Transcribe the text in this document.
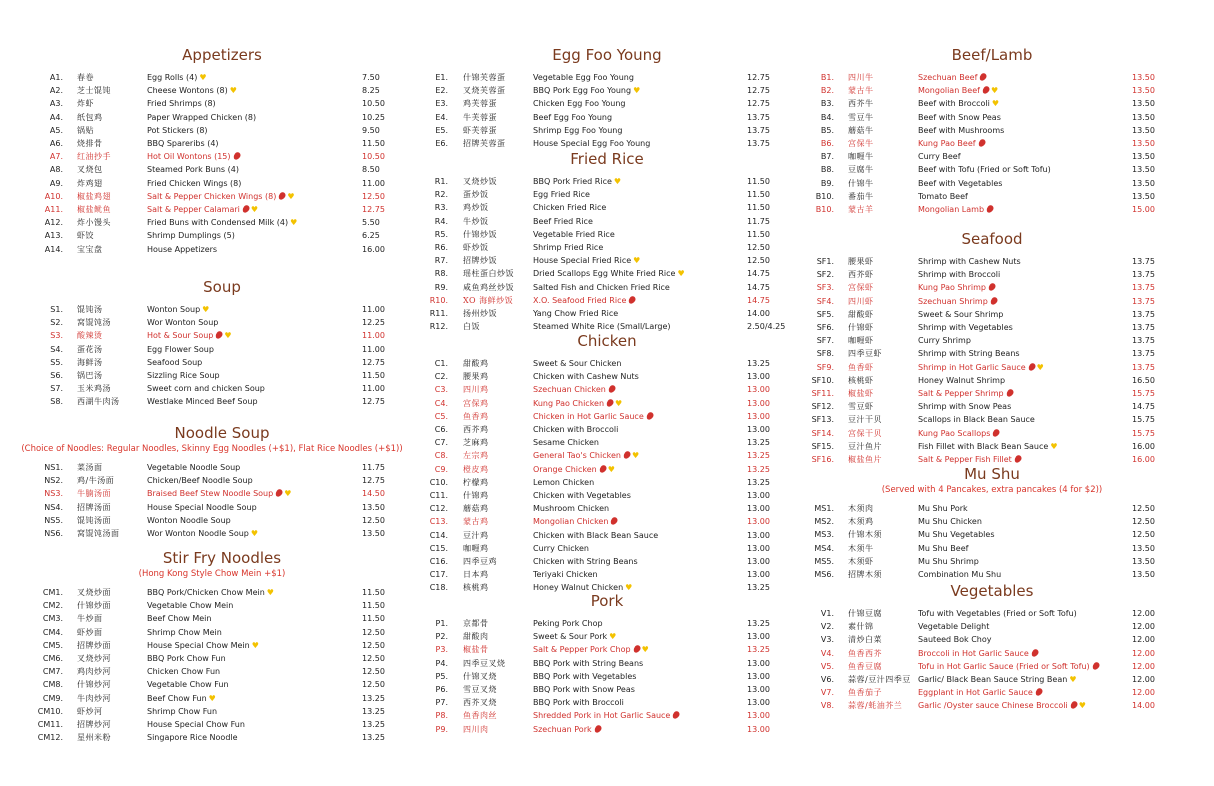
Appetizers
A1. 春卷	Egg Rolls (4) ♥	7.50
A2. 芝士馄饨	Cheese Wontons (8) ♥	8.25
A3. 炸虾	Fried Shrimps (8)	10.50
A4. 纸包鸡	Paper Wrapped Chicken (8)	10.25
A5. 锅贴	Pot Stickers (8)	9.50
A6. 烧排骨	BBQ Spareribs (4)	11.50
A7. 红油抄手	Hot Oil Wontons (15)	10.50
A8. 叉烧包	Steamed Pork Buns (4)	8.50
A9. 炸鸡翅	Fried Chicken Wings (8)	11.00
A10. 椒盐鸡翅	Salt & Pepper Chicken Wings (8) ♥	12.50
A11. 椒盐鱿鱼	Salt & Pepper Calamari ♥	12.75
A12. 炸小馒头	Fried Buns with Condensed Milk (4) ♥	5.50
A13. 虾饺	Shrimp Dumplings (5)	6.25
A14. 宝宝盘	House Appetizers	16.00
Soup
S1. 馄饨汤	Wonton Soup ♥	11.00
S2. 窝馄饨汤	Wor Wonton Soup	12.25
S3. 酸辣烫	Hot & Sour Soup ♥	11.00
S4. 蛋花汤	Egg Flower Soup	11.00
S5. 海鲜汤	Seafood Soup	12.75
S6. 锅巴汤	Sizzling Rice Soup	11.50
S7. 玉米鸡汤	Sweet corn and chicken Soup	11.00
S8. 西湖牛肉汤	Westlake Minced Beef Soup	12.75
Noodle Soup
(Choice of Noodles: Regular Noodles, Skinny Egg Noodles (+$1), Flat Rice Noodles (+$1))
NS1. 菜汤面	Vegetable Noodle Soup	11.75
NS2. 鸡/牛汤面	Chicken/Beef Noodle Soup	12.75
NS3. 牛腩汤面	Braised Beef Stew Noodle Soup ♥	14.50
NS4. 招牌汤面	House Special Noodle Soup	13.50
NS5. 馄饨汤面	Wonton Noodle Soup	12.50
NS6. 窝馄饨汤面	Wor Wonton Noodle Soup ♥	13.50
Stir Fry Noodles
(Hong Kong Style Chow Mein +$1)
CM1. 叉烧炒面	BBQ Pork/Chicken Chow Mein ♥	11.50
CM2. 什锦炒面	Vegetable Chow Mein	11.50
CM3. 牛炒面	Beef Chow Mein	11.50
CM4. 虾炒面	Shrimp Chow Mein	12.50
CM5. 招牌炒面	House Special Chow Mein ♥	12.50
CM6. 叉烧炒河	BBQ Pork Chow Fun	12.50
CM7. 鸡肉炒河	Chicken Chow Fun	12.50
CM8. 什锦炒河	Vegetable Chow Fun	12.50
CM9. 牛肉炒河	Beef Chow Fun ♥	13.25
CM10. 虾炒河	Shrimp Chow Fun	13.25
CM11. 招牌炒河	House Special Chow Fun	13.25
CM12. 星州米粉	Singapore Rice Noodle	13.25
Egg Foo Young
E1. 什锦芙蓉蛋	Vegetable Egg Foo Young	12.75
E2. 叉烧芙蓉蛋	BBQ Pork Egg Foo Young ♥	12.75
E3. 鸡芙蓉蛋	Chicken Egg Foo Young	12.75
E4. 牛芙蓉蛋	Beef Egg Foo Young	13.75
E5. 虾芙蓉蛋	Shrimp Egg Foo Young	13.75
E6. 招牌芙蓉蛋	House Special Egg Foo Young	13.75
Fried Rice
R1. 叉烧炒饭	BBQ Pork Fried Rice ♥	11.50
R2. 蛋炒饭	Egg Fried Rice	11.50
R3. 鸡炒饭	Chicken Fried Rice	11.50
R4. 牛炒饭	Beef Fried Rice	11.75
R5. 什锦炒饭	Vegetable Fried Rice	11.50
R6. 虾炒饭	Shrimp Fried Rice	12.50
R7. 招牌炒饭	House Special Fried Rice ♥	12.50
R8. 瑶柱蛋白炒饭 Dried Scallops Egg White Fried Rice ♥	14.75
R9. 咸鱼鸡丝炒饭 Salted Fish and Chicken Fried Rice	14.75
R10. XO 海鲜炒饭 X.O. Seafood Fried Rice	14.75
R11. 扬州炒饭	Yang Chow Fried Rice	14.00
R12. 白饭	Steamed White Rice (Small/Large)	2.50/4.25
Chicken
C1. 甜酸鸡	Sweet & Sour Chicken	13.25
C2. 腰果鸡	Chicken with Cashew Nuts	13.00
C3. 四川鸡	Szechuan Chicken	13.00
C4. 宫保鸡	Kung Pao Chicken ♥	13.00
C5. 鱼香鸡	Chicken in Hot Garlic Sauce	13.00
C6. 西芥鸡	Chicken with Broccoli	13.00
C7. 芝麻鸡	Sesame Chicken	13.25
C8. 左宗鸡	General Tao's Chicken ♥	13.25
C9. 橙皮鸡	Orange Chicken ♥	13.25
C10. 柠檬鸡	Lemon Chicken	13.25
C11. 什锦鸡	Chicken with Vegetables	13.00
C12. 蘑菇鸡	Mushroom Chicken	13.00
C13. 蒙古鸡	Mongolian Chicken	13.00
C14. 豆汁鸡	Chicken with Black Bean Sauce	13.00
C15. 咖喱鸡	Curry Chicken	13.00
C16. 四季豆鸡	Chicken with String Beans	13.00
C17. 日本鸡	Teriyaki Chicken	13.00
C18. 核桃鸡	Honey Walnut Chicken ♥	13.25
Pork
P1. 京都骨	Peking Pork Chop	13.25
P2. 甜酸肉	Sweet & Sour Pork ♥	13.00
P3. 椒盐骨	Salt & Pepper Pork Chop ♥	13.25
P4. 四季豆叉烧	BBQ Pork with String Beans	13.00
P5. 什锦叉烧	BBQ Pork with Vegetables	13.00
P6. 雪豆叉烧	BBQ Pork with Snow Peas	13.00
P7. 西芥叉烧	BBQ Pork with Broccoli	13.00
P8. 鱼香肉丝	Shredded Pork in Hot Garlic Sauce	13.00
P9. 四川肉	Szechuan Pork	13.00
Beef/Lamb
B1. 四川牛	Szechuan Beef	13.50
B2. 蒙古牛	Mongolian Beef ♥	13.50
B3. 西芥牛	Beef with Broccoli ♥	13.50
B4. 雪豆牛	Beef with Snow Peas	13.50
B5. 蘑菇牛	Beef with Mushrooms	13.50
B6. 宫保牛	Kung Pao Beef	13.50
B7. 咖喱牛	Curry Beef	13.50
B8. 豆腐牛	Beef with Tofu (Fried or Soft Tofu)	13.50
B9. 什锦牛	Beef with Vegetables	13.50
B10. 番茄牛	Tomato Beef	13.50
B10. 蒙古羊	Mongolian Lamb	15.00
Seafood
SF1. 腰果虾	Shrimp with Cashew Nuts	13.75
SF2. 西芥虾	Shrimp with Broccoli	13.75
SF3. 宫保虾	Kung Pao Shrimp	13.75
SF4. 四川虾	Szechuan Shrimp	13.75
SF5. 甜酸虾	Sweet & Sour Shrimp	13.75
SF6. 什锦虾	Shrimp with Vegetables	13.75
SF7. 咖喱虾	Curry Shrimp	13.75
SF8. 四季豆虾	Shrimp with String Beans	13.75
SF9. 鱼香虾	Shrimp in Hot Garlic Sauce ♥	13.75
SF10. 核桃虾	Honey Walnut Shrimp	16.50
SF11. 椒盐虾	Salt & Pepper Shrimp	15.75
SF12. 雪豆虾	Shrimp with Snow Peas	14.75
SF13. 豆汁干贝	Scallops in Black Bean Sauce	15.75
SF14. 宫保干贝	Kung Pao Scallops	15.75
SF15. 豆汁鱼片	Fish Fillet with Black Bean Sauce ♥	16.00
SF16. 椒盐鱼片	Salt & Pepper Fish Fillet	16.00
Mu Shu
(Served with 4 Pancakes, extra pancakes (4 for $2))
MS1. 木须肉	Mu Shu Pork	12.50
MS2. 木须鸡	Mu Shu Chicken	12.50
MS3. 什锦木须	Mu Shu Vegetables	12.50
MS4. 木须牛	Mu Shu Beef	13.50
MS5. 木须虾	Mu Shu Shrimp	13.50
MS6. 招牌木须	Combination Mu Shu	13.50
Vegetables
V1. 什锦豆腐	Tofu with Vegetables (Fried or Soft Tofu)	12.00
V2. 素什锦	Vegetable Delight	12.00
V3. 清炒白菜	Sauteed Bok Choy	12.00
V4. 鱼香西芥	Broccoli in Hot Garlic Sauce	12.00
V5. 鱼香豆腐	Tofu in Hot Garlic Sauce (Fried or Soft Tofu)	12.00
V6. 蒜蓉/豆汁四季豆 Garlic/ Black Bean Sauce String Bean ♥	12.00
V7. 鱼香茄子	Eggplant in Hot Garlic Sauce	12.00
V8. 蒜蓉/蚝油芥兰 Garlic /Oyster sauce Chinese Broccoli ♥	14.00
